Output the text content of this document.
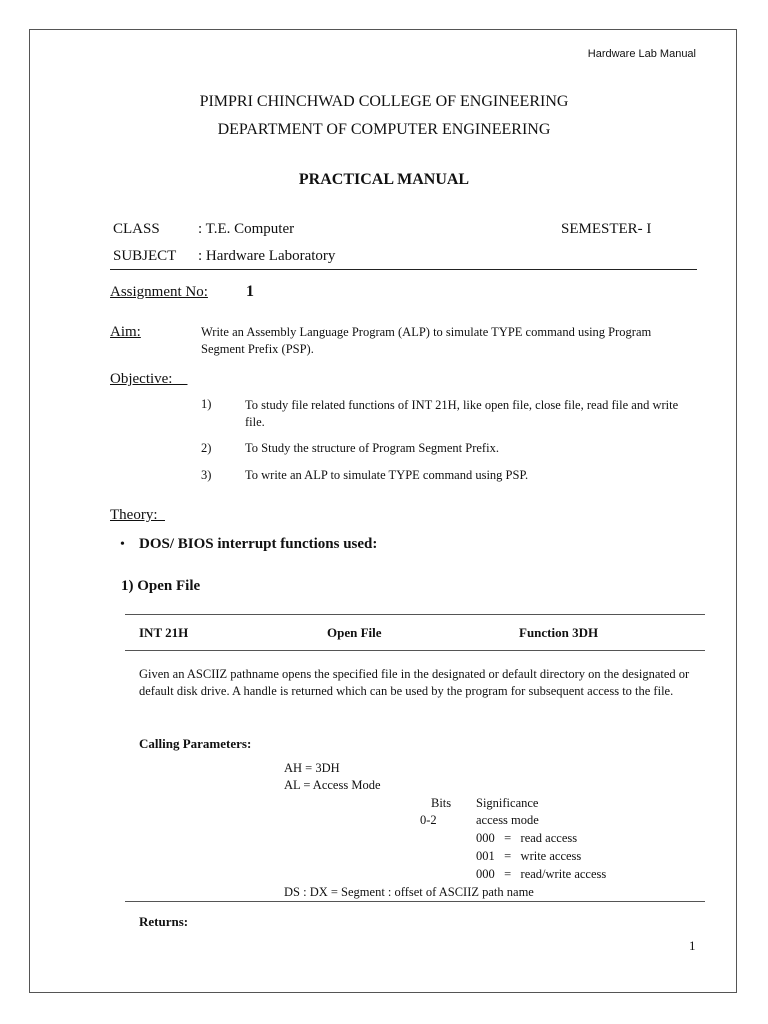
Hardware Lab Manual
PIMPRI CHINCHWAD COLLEGE OF ENGINEERING
DEPARTMENT OF COMPUTER ENGINEERING
PRACTICAL MANUAL
CLASS	: T.E. Computer	SEMESTER- I
SUBJECT : Hardware Laboratory
Assignment No: 1
Aim:	Write an Assembly Language Program (ALP) to simulate TYPE command using Program Segment Prefix (PSP).
Objective:
1)	To study file related functions of INT 21H, like open file, close file, read file and write file.
2)	To Study the structure of Program Segment Prefix.
3)	To write an ALP to simulate TYPE command using PSP.
Theory:
• DOS/ BIOS interrupt functions used:
1) Open File
INT 21H	Open File	Function 3DH
Given an ASCIIZ pathname opens the specified file in the designated or default directory on the designated or default disk drive. A handle is returned which can be used by the program for subsequent access to the file.
Calling Parameters:
AH = 3DH
AL = Access Mode
Bits Significance
0-2	access mode
000   =   read access
001   =   write access
000   =   read/write access
DS : DX = Segment : offset of ASCIIZ path name
Returns:
1
